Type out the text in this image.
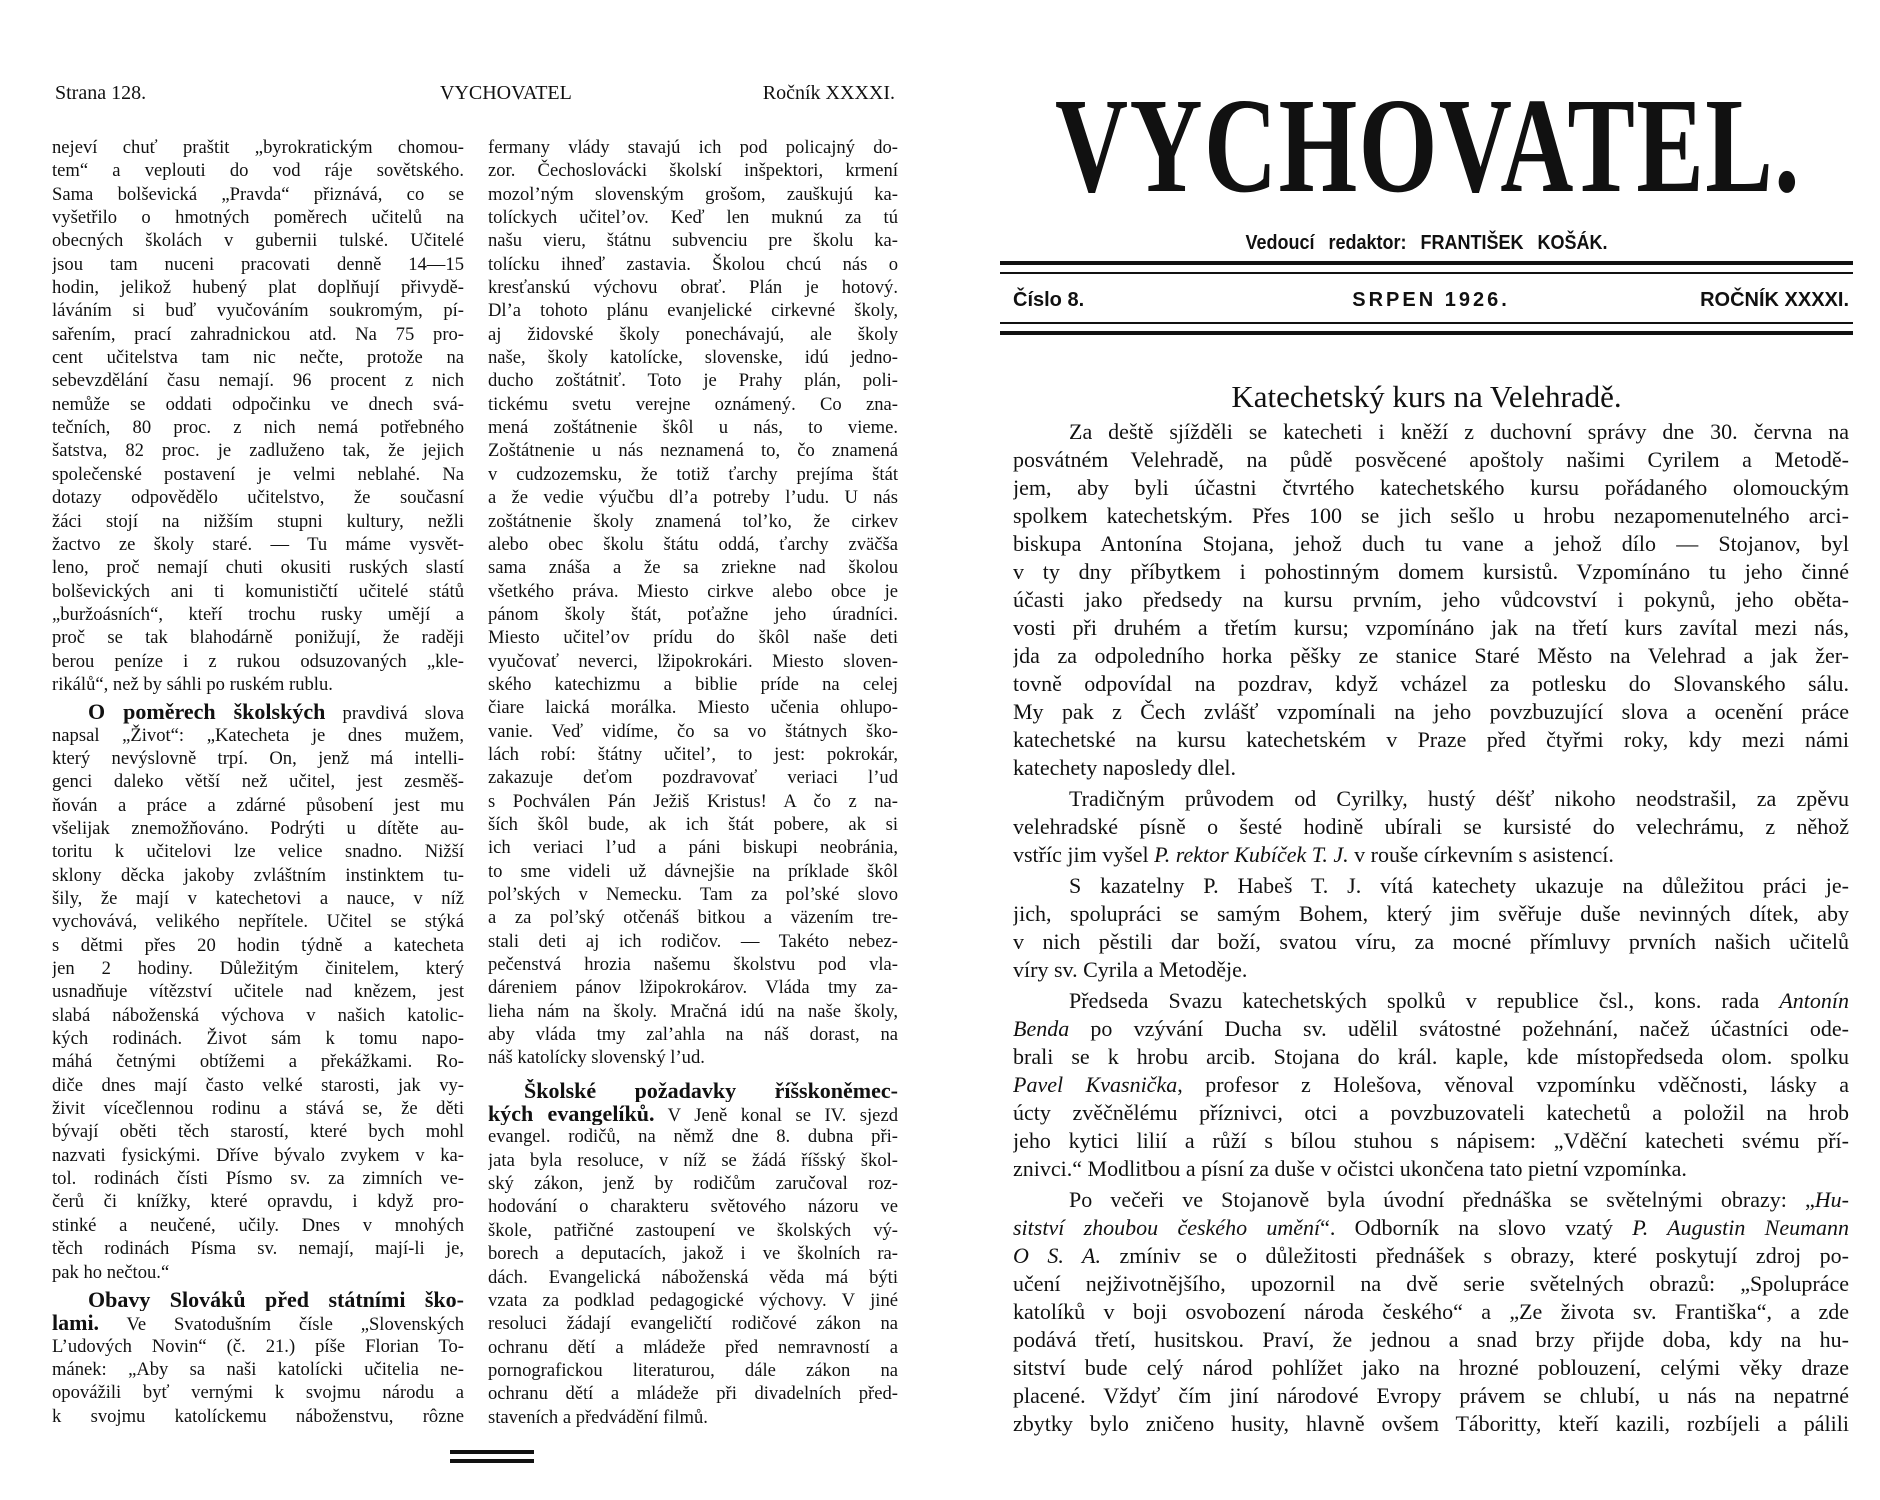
Strana 128.	VYCHOVATEL	Ročník XXXXI.
nejeví chuť praštit „byrokratickým chomou-
tem“ a veplouti do vod ráje sovětského.
Sama bolševická „Pravda“ přiznává, co se
vyšetřilo o hmotných poměrech učitelů na
obecných školách v gubernii tulské. Učitelé
jsou tam nuceni pracovati denně 14—15
hodin, jelikož hubený plat doplňují přivydě-
láváním si buď vyučováním soukromým, pí-
sařením, prací zahradnickou atd. Na 75 pro-
cent učitelstva tam nic nečte, protože na
sebevzdělání času nemají. 96 procent z nich
nemůže se oddati odpočinku ve dnech svá-
tečních, 80 proc. z nich nemá potřebného
šatstva, 82 proc. je zadluženo tak, že jejich
společenské postavení je velmi neblahé. Na
dotazy odpovědělo učitelstvo, že současní
žáci stojí na nižším stupni kultury, nežli
žactvo ze školy staré. — Tu máme vysvět-
leno, proč nemají chuti okusiti ruských slastí
bolševických ani ti komunističtí učitelé států
„buržoásních“, kteří trochu rusky umějí a
proč se tak blahodárně ponižují, že raději
berou peníze i z rukou odsuzovaných „kle-
rikálů“, než by sáhli po ruském rublu.
O poměrech školských pravdivá slova
napsal „Život“: „Katecheta je dnes mužem,
který nevýslovně trpí. On, jenž má intelli-
genci daleko větší než učitel, jest zesměš-
ňován a práce a zdárné působení jest mu
všelijak znemožňováno. Podrýti u dítěte au-
toritu k učitelovi lze velice snadno. Nižší
sklony děcka jakoby zvláštním instinktem tu-
šily, že mají v katechetovi a nauce, v níž
vychovává, velikého nepřítele. Učitel se stýká
s dětmi přes 20 hodin týdně a katecheta
jen 2 hodiny. Důležitým činitelem, který
usnadňuje vítězství učitele nad knězem, jest
slabá náboženská výchova v našich katolic-
kých rodinách. Život sám k tomu napo-
máhá četnými obtížemi a překážkami. Ro-
diče dnes mají často velké starosti, jak vy-
živit vícečlennou rodinu a stává se, že děti
bývají oběti těch starostí, které bych mohl
nazvati fysickými. Dříve bývalo zvykem v ka-
tol. rodinách čísti Písmo sv. za zimních ve-
čerů či knížky, které opravdu, i když pro-
stinké a neučené, učily. Dnes v mnohých
těch rodinách Písma sv. nemají, mají-li je,
pak ho nečtou.“
Obavy Slováků před státními ško-
lami. Ve Svatodušním čísle „Slovenských
L’udových Novin“ (č. 21.) píše Florian To-
mánek: „Aby sa naši katolícki učitelia ne-
opovážili byť vernými k svojmu národu a
k svojmu katolíckemu náboženstvu, rôzne
fermany vlády stavajú ich pod policajný do-
zor. Čechoslovácki školskí inšpektori, krmení
mozol’ným slovenským grošom, zauškujú ka-
tolíckych učitel’ov. Keď len muknú za tú
našu vieru, štátnu subvenciu pre školu ka-
tolícku ihneď zastavia. Školou chcú nás o
kresťanskú výchovu obrať. Plán je hotový.
Dl’a tohoto plánu evanjelické cirkevné školy,
aj židovské školy ponechávajú, ale školy
naše, školy katolícke, slovenske, idú jedno-
ducho zoštátniť. Toto je Prahy plán, poli-
tickému svetu verejne oznámený. Co zna-
mená zoštátnenie škôl u nás, to vieme.
Zoštátnenie u nás neznamená to, čo znamená
v cudzozemsku, že totiž ťarchy prejíma štát
a že vedie výučbu dl’a potreby l’udu. U nás
zoštátnenie školy znamená tol’ko, že cirkev
alebo obec školu štátu oddá, ťarchy zväčša
sama znáša a že sa zriekne nad školou
všetkého práva. Miesto cirkve alebo obce je
pánom školy štát, poťažne jeho úradníci.
Miesto učitel’ov prídu do škôl naše deti
vyučovať neverci, lžipokrokári. Miesto sloven-
ského katechizmu a biblie príde na celej
čiare laická morálka. Miesto učenia ohlupo-
vanie. Veď vidíme, čo sa vo štátnych ško-
lách robí: štátny učitel’, to jest: pokrokár,
zakazuje deťom pozdravovať veriaci l’ud
s Pochválen Pán Ježiš Kristus! A čo z na-
ších škôl bude, ak ich štát pobere, ak si
ich veriaci l’ud a páni biskupi neobránia,
to sme videli už dávnejšie na príklade škôl
pol’ských v Nemecku. Tam za pol’ské slovo
a za pol’ský otčenáš bitkou a väzením tre-
stali deti aj ich rodičov. — Takéto nebez-
pečenstvá hrozia našemu školstvu pod vla-
dáreniem pánov lžipokrokárov. Vláda tmy za-
lieha nám na školy. Mračná idú na naše školy,
aby vláda tmy zal’ahla na náš dorast, na
náš katolícky slovenský l’ud.
Školské požadavky říšskoněmec-
kých evangelíků. V Jeně konal se IV. sjezd
evangel. rodičů, na němž dne 8. dubna při-
jata byla resoluce, v níž se žádá říšský škol-
ský zákon, jenž by rodičům zaručoval roz-
hodování o charakteru světového názoru ve
škole, patřičné zastoupení ve školských vý-
borech a deputacích, jakož i ve školních ra-
dách. Evangelická náboženská věda má býti
vzata za podklad pedagogické výchovy. V jiné
resoluci žádají evangeličtí rodičové zákon na
ochranu dětí a mládeže před nemravností a
pornografickou literaturou, dále zákon na
ochranu dětí a mládeže při divadelních před-
staveních a předvádění filmů.
VYCHOVATEL.
Vedoucí redaktor: FRANTIŠEK KOŠÁK.
Číslo 8.	SRPEN 1926.	ROČNÍK XXXXI.
Katechetský kurs na Velehradě.
Za deště sjížděli se katecheti i kněží z duchovní správy dne 30. června na
posvátném Velehradě, na půdě posvěcené apoštoly našimi Cyrilem a Metodě-
jem, aby byli účastni čtvrtého katechetského kursu pořádaného olomouckým
spolkem katechetským. Přes 100 se jich sešlo u hrobu nezapomenutelného arci-
biskupa Antonína Stojana, jehož duch tu vane a jehož dílo — Stojanov, byl
v ty dny příbytkem i pohostinným domem kursistů. Vzpomínáno tu jeho činné
účasti jako předsedy na kursu prvním, jeho vůdcovství i pokynů, jeho oběta-
vosti při druhém a třetím kursu; vzpomínáno jak na třetí kurs zavítal mezi nás,
jda za odpoledního horka pěšky ze stanice Staré Město na Velehrad a jak žer-
tovně odpovídal na pozdrav, když vcházel za potlesku do Slovanského sálu.
My pak z Čech zvlášť vzpomínali na jeho povzbuzující slova a ocenění práce
katechetské na kursu katechetském v Praze před čtyřmi roky, kdy mezi námi
katechety naposledy dlel.
Tradičným průvodem od Cyrilky, hustý déšť nikoho neodstrašil, za zpěvu
velehradské písně o šesté hodině ubírali se kursisté do velechrámu, z něhož
vstříc jim vyšel P. rektor Kubíček T. J. v rouše církevním s asistencí.
S kazatelny P. Habeš T. J. vítá katechety ukazuje na důležitou práci je-
jich, spolupráci se samým Bohem, který jim svěřuje duše nevinných dítek, aby
v nich pěstili dar boží, svatou víru, za mocné přímluvy prvních našich učitelů
víry sv. Cyrila a Metoděje.
Předseda Svazu katechetských spolků v republice čsl., kons. rada Antonín
Benda po vzývání Ducha sv. udělil svátostné požehnání, načež účastníci ode-
brali se k hrobu arcib. Stojana do král. kaple, kde místopředseda olom. spolku
Pavel Kvasnička, profesor z Holešova, věnoval vzpomínku vděčnosti, lásky a
úcty zvěčnělému příznivci, otci a povzbuzovateli katechetů a položil na hrob
jeho kytici lilií a růží s bílou stuhou s nápisem: „Vděční katecheti svému pří-
znivci.“ Modlitbou a písní za duše v očistci ukončena tato pietní vzpomínka.
Po večeři ve Stojanově byla úvodní přednáška se světelnými obrazy: „Hu-
sitství zhoubou českého umění“. Odborník na slovo vzatý P. Augustin Neumann
O S. A. zmíniv se o důležitosti přednášek s obrazy, které poskytují zdroj po-
učení nejživotnějšího, upozornil na dvě serie světelných obrazů: „Spolupráce
katolíků v boji osvobození národa českého“ a „Ze života sv. Františka“, a zde
podává třetí, husitskou. Praví, že jednou a snad brzy přijde doba, kdy na hu-
sitství bude celý národ pohlížet jako na hrozné poblouzení, celými věky draze
placené. Vždyť čím jiní národové Evropy právem se chlubí, u nás na nepatrné
zbytky bylo zničeno husity, hlavně ovšem Táboritty, kteří kazili, rozbíjeli a pálili
